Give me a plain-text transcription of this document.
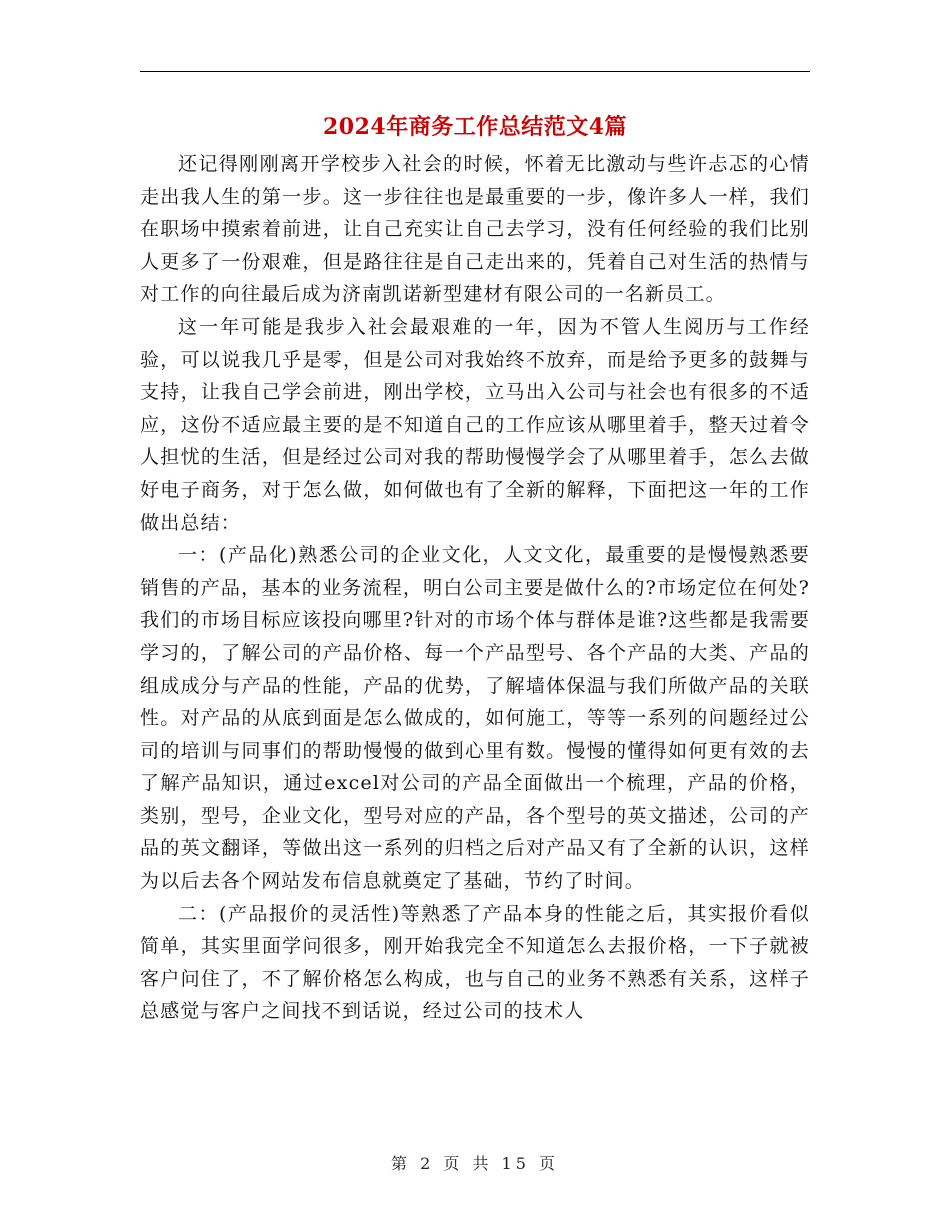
2024年商务工作总结范文4篇

还记得刚刚离开学校步入社会的时候，怀着无比激动与些许忐忑的心情走出我人生的第一步。这一步往往也是最重要的一步，像许多人一样，我们在职场中摸索着前进，让自己充实让自己去学习，没有任何经验的我们比别人更多了一份艰难，但是路往往是自己走出来的，凭着自己对生活的热情与对工作的向往最后成为济南凯诺新型建材有限公司的一名新员工。

这一年可能是我步入社会最艰难的一年，因为不管人生阅历与工作经验，可以说我几乎是零，但是公司对我始终不放弃，而是给予更多的鼓舞与支持，让我自己学会前进，刚出学校，立马出入公司与社会也有很多的不适应，这份不适应最主要的是不知道自己的工作应该从哪里着手，整天过着令人担忧的生活，但是经过公司对我的帮助慢慢学会了从哪里着手，怎么去做好电子商务，对于怎么做，如何做也有了全新的解释，下面把这一年的工作做出总结：

一：(产品化)熟悉公司的企业文化，人文文化，最重要的是慢慢熟悉要销售的产品，基本的业务流程，明白公司主要是做什么的?市场定位在何处?我们的市场目标应该投向哪里?针对的市场个体与群体是谁?这些都是我需要学习的，了解公司的产品价格、每一个产品型号、各个产品的大类、产品的组成成分与产品的性能，产品的优势，了解墙体保温与我们所做产品的关联性。对产品的从底到面是怎么做成的，如何施工，等等一系列的问题经过公司的培训与同事们的帮助慢慢的做到心里有数。慢慢的懂得如何更有效的去了解产品知识，通过excel对公司的产品全面做出一个梳理，产品的价格，类别，型号，企业文化，型号对应的产品，各个型号的英文描述，公司的产品的英文翻译，等做出这一系列的归档之后对产品又有了全新的认识，这样为以后去各个网站发布信息就奠定了基础，节约了时间。

二：(产品报价的灵活性)等熟悉了产品本身的性能之后，其实报价看似简单，其实里面学问很多，刚开始我完全不知道怎么去报价格，一下子就被客户问住了，不了解价格怎么构成，也与自己的业务不熟悉有关系，这样子总感觉与客户之间找不到话说，经过公司的技术人

第 2 页 共 15 页
